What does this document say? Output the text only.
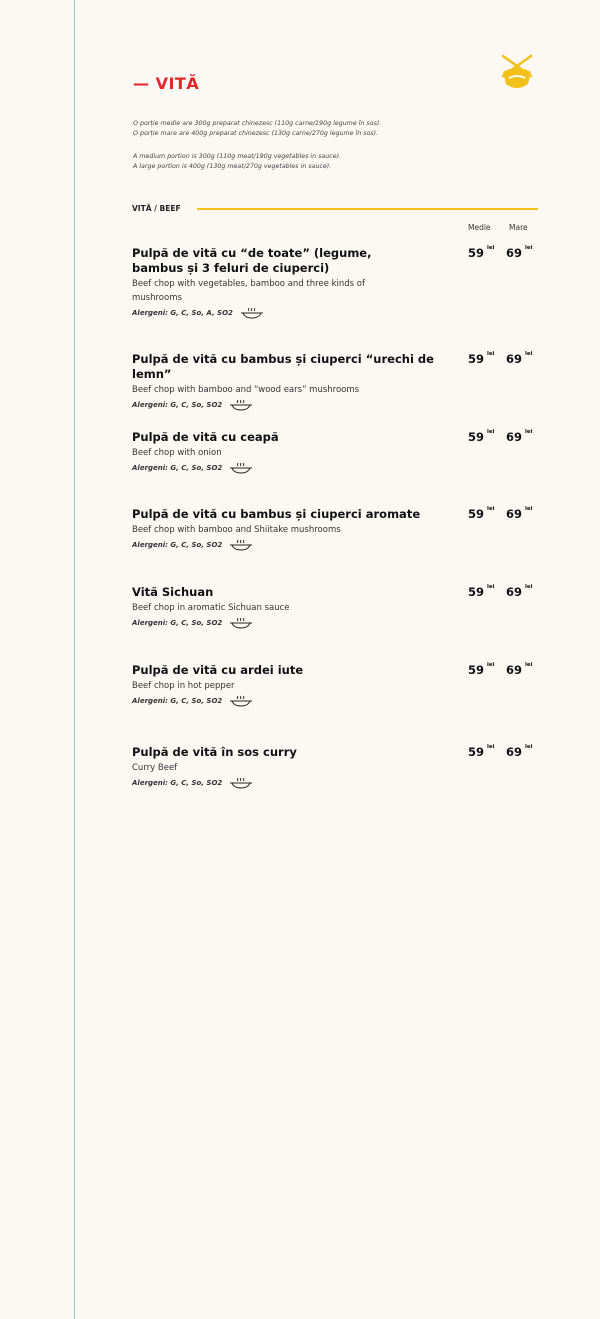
— VITĂ

O porție medie are 300g preparat chinezesc (110g carne/190g legume în sos).

O porție mare are 400g preparat chinezesc (130g carne/270g legume în sos).

A medium portion is 300g (110g meat/190g vegetables in sauce).

A large portion is 400g (130g meat/270g vegetables in sauce).

VITĂ / BEEF
Medie Mare
Pulpă de vită cu “de toate” (legume, bambus și 3 feluri de ciuperci)
Beef chop with vegetables, bamboo and three kinds of mushrooms
Alergeni: G, C, So, A, SO2
59 $^{lei}$ 69 $^{lei}$
Pulpă de vită cu bambus și ciuperci “urechi de lemn”
Beef chop with bamboo and “wood ears” mushrooms
Alergeni: G, C, So, SO2
59 $^{lei}$ 69 $^{lei}$
Pulpă de vită cu ceapă
Beef chop with onion
Alergeni: G, C, So, SO2
59 $^{lei}$ 69 $^{lei}$
Pulpă de vită cu bambus și ciuperci aromate
Beef chop with bamboo and Shiitake mushrooms
Alergeni: G, C, So, SO2
59 $^{lei}$ 69 $^{lei}$
Vită Sichuan
Beef chop in aromatic Sichuan sauce
Alergeni: G, C, So, SO2
59 $^{lei}$ 69 $^{lei}$
Pulpă de vită cu ardei iute
Beef chop in hot pepper
Alergeni: G, C, So, SO2
59 $^{lei}$ 69 $^{lei}$
Pulpă de vită în sos curry
Curry Beef
Alergeni: G, C, So, SO2
59 $^{lei}$ 69 $^{lei}$
